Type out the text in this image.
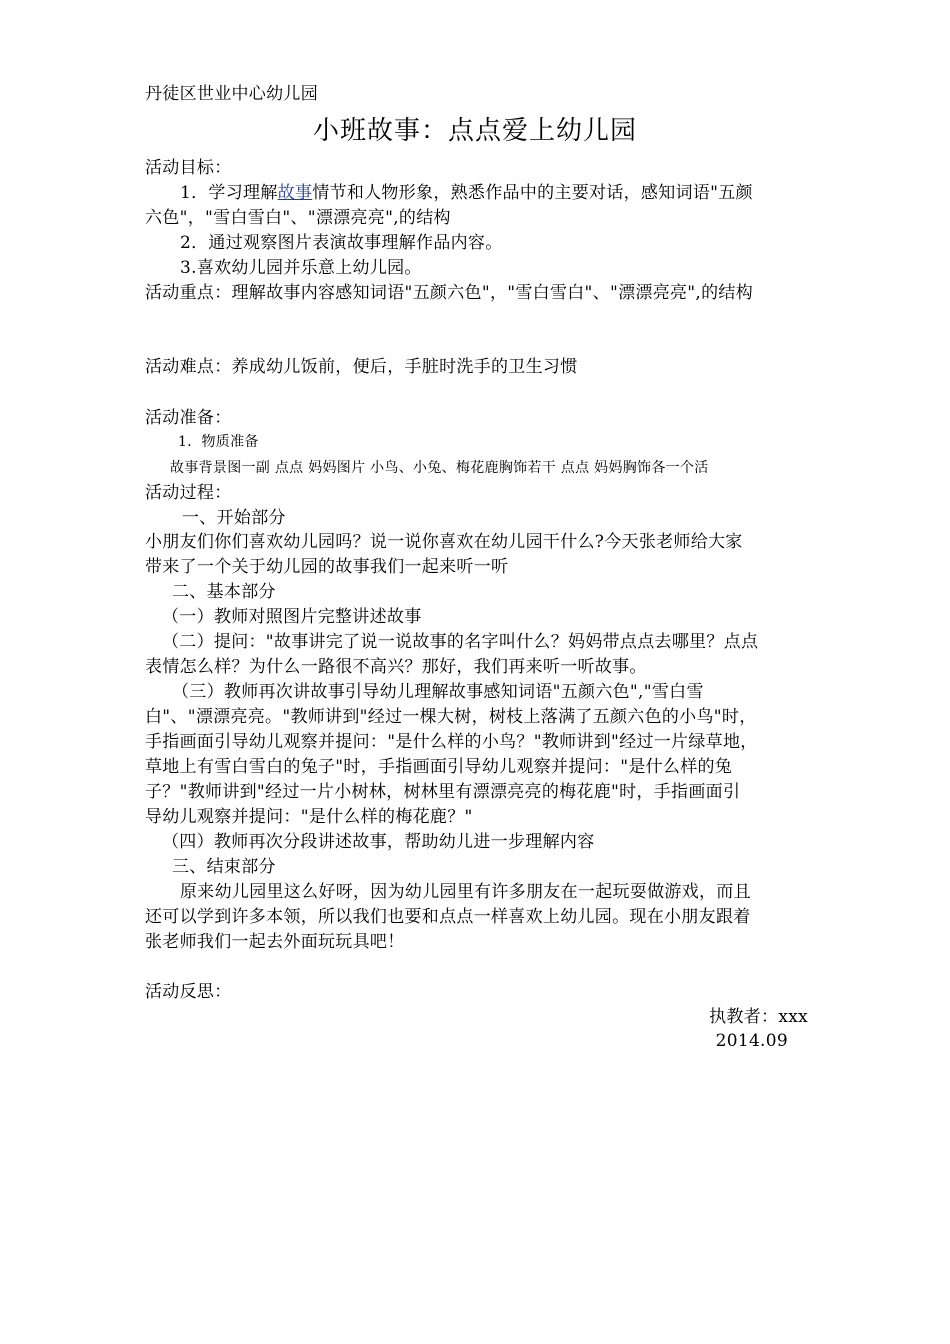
丹徒区世业中心幼儿园
小班故事：点点爱上幼儿园
活动目标：
1．学习理解故事情节和人物形象，熟悉作品中的主要对话，感知词语"五颜
六色"，"雪白雪白"、"漂漂亮亮",的结构
2．通过观察图片表演故事理解作品内容。
3.喜欢幼儿园并乐意上幼儿园。
活动重点：理解故事内容感知词语"五颜六色"，"雪白雪白"、"漂漂亮亮",的结构
活动难点：养成幼儿饭前，便后，手脏时洗手的卫生习惯
活动准备：
1．物质准备
故事背景图一副 点点 妈妈图片 小鸟、小兔、梅花鹿胸饰若干 点点 妈妈胸饰各一个活
活动过程：
一、开始部分
小朋友们你们喜欢幼儿园吗？说一说你喜欢在幼儿园干什么?今天张老师给大家
带来了一个关于幼儿园的故事我们一起来听一听
二、基本部分
（一）教师对照图片完整讲述故事
（二）提问："故事讲完了说一说故事的名字叫什么？妈妈带点点去哪里？点点
表情怎么样？为什么一路很不高兴？那好，我们再来听一听故事。
（三）教师再次讲故事引导幼儿理解故事感知词语"五颜六色","雪白雪
白"、"漂漂亮亮。"教师讲到"经过一棵大树，树枝上落满了五颜六色的小鸟"时，
手指画面引导幼儿观察并提问："是什么样的小鸟？"教师讲到"经过一片绿草地，
草地上有雪白雪白的兔子"时，手指画面引导幼儿观察并提问："是什么样的兔
子？"教师讲到"经过一片小树林，树林里有漂漂亮亮的梅花鹿"时，手指画面引
导幼儿观察并提问："是什么样的梅花鹿？"
（四）教师再次分段讲述故事，帮助幼儿进一步理解内容
三、结束部分
原来幼儿园里这么好呀，因为幼儿园里有许多朋友在一起玩耍做游戏，而且
还可以学到许多本领，所以我们也要和点点一样喜欢上幼儿园。现在小朋友跟着
张老师我们一起去外面玩玩具吧！
活动反思：
执教者：xxx
2014.09
